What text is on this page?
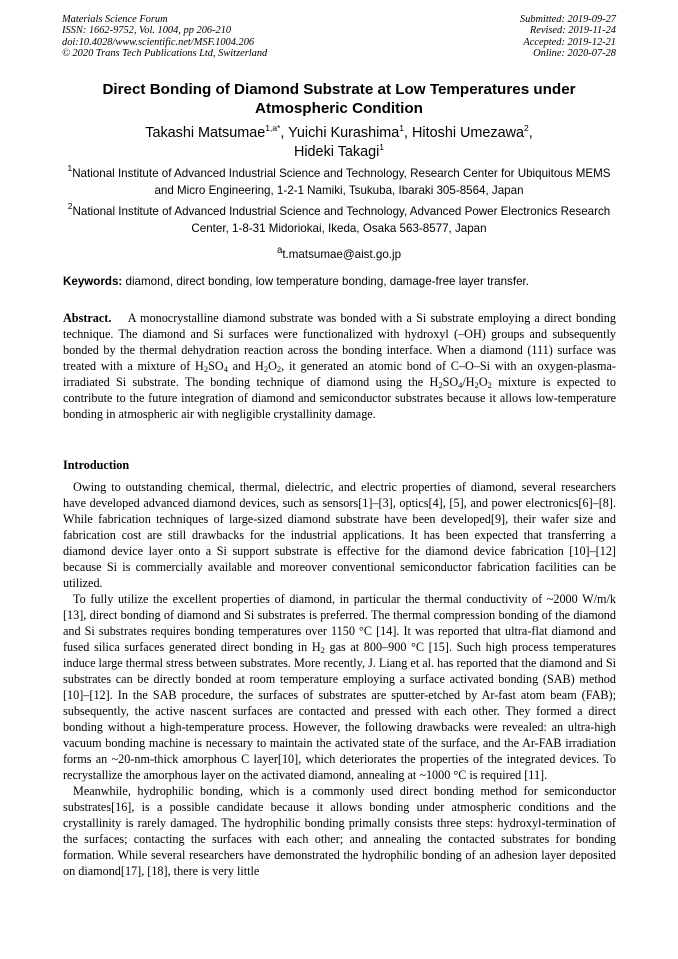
Materials Science Forum
ISSN: 1662-9752, Vol. 1004, pp 206-210
doi:10.4028/www.scientific.net/MSF.1004.206
© 2020 Trans Tech Publications Ltd, Switzerland
Submitted: 2019-09-27
Revised: 2019-11-24
Accepted: 2019-12-21
Online: 2020-07-28
Direct Bonding of Diamond Substrate at Low Temperatures under Atmospheric Condition
Takashi Matsumae$^{1,a*}$, Yuichi Kurashima$^1$, Hitoshi Umezawa$^2$,
Hideki Takagi$^1$
$^1$National Institute of Advanced Industrial Science and Technology, Research Center for Ubiquitous MEMS and Micro Engineering, 1-2-1 Namiki, Tsukuba, Ibaraki 305-8564, Japan
$^2$National Institute of Advanced Industrial Science and Technology, Advanced Power Electronics Research Center, 1-8-31 Midoriokai, Ikeda, Osaka 563-8577, Japan
$^a$t.matsumae@aist.go.jp
Keywords: diamond, direct bonding, low temperature bonding, damage-free layer transfer.
Abstract. A monocrystalline diamond substrate was bonded with a Si substrate employing a direct bonding technique. The diamond and Si surfaces were functionalized with hydroxyl (–OH) groups and subsequently bonded by the thermal dehydration reaction across the bonding interface. When a diamond (111) surface was treated with a mixture of $H_2SO_4$ and $H_2O_2$, it generated an atomic bond of C–O–Si with an oxygen-plasma-irradiated Si substrate. The bonding technique of diamond using the $H_2SO_4/H_2O_2$ mixture is expected to contribute to the future integration of diamond and semiconductor substrates because it allows low-temperature bonding in atmospheric air with negligible crystallinity damage.
Introduction

Owing to outstanding chemical, thermal, dielectric, and electric properties of diamond, several researchers have developed advanced diamond devices, such as sensors[1]–[3], optics[4], [5], and power electronics[6]–[8]. While fabrication techniques of large-sized diamond substrate have been developed[9], their wafer size and fabrication cost are still drawbacks for the industrial applications. It has been expected that transferring a diamond device layer onto a Si support substrate is effective for the diamond device fabrication [10]–[12] because Si is commercially available and moreover conventional semiconductor fabrication facilities can be utilized.

To fully utilize the excellent properties of diamond, in particular the thermal conductivity of ~2000 W/m/k [13], direct bonding of diamond and Si substrates is preferred. The thermal compression bonding of the diamond and Si substrates requires bonding temperatures over 1150 °C [14]. It was reported that ultra-flat diamond and fused silica surfaces generated direct bonding in $H_2$ gas at 800–900 °C [15]. Such high process temperatures induce large thermal stress between substrates. More recently, J. Liang et al. has reported that the diamond and Si substrates can be directly bonded at room temperature employing a surface activated bonding (SAB) method [10]–[12]. In the SAB procedure, the surfaces of substrates are sputter-etched by Ar-fast atom beam (FAB); subsequently, the active nascent surfaces are contacted and pressed with each other. They formed a direct bonding without a high-temperature process. However, the following drawbacks were revealed: an ultra-high vacuum bonding machine is necessary to maintain the activated state of the surface, and the Ar-FAB irradiation forms an ~20-nm-thick amorphous C layer[10], which deteriorates the properties of the integrated devices. To recrystallize the amorphous layer on the activated diamond, annealing at ~1000 °C is required [11].

Meanwhile, hydrophilic bonding, which is a commonly used direct bonding method for semiconductor substrates[16], is a possible candidate because it allows bonding under atmospheric conditions and the crystallinity is rarely damaged. The hydrophilic bonding primally consists three steps: hydroxyl-termination of the surfaces; contacting the surfaces with each other; and annealing the contacted substrates for bonding formation. While several researchers have demonstrated the hydrophilic bonding of an adhesion layer deposited on diamond[17], [18], there is very little
